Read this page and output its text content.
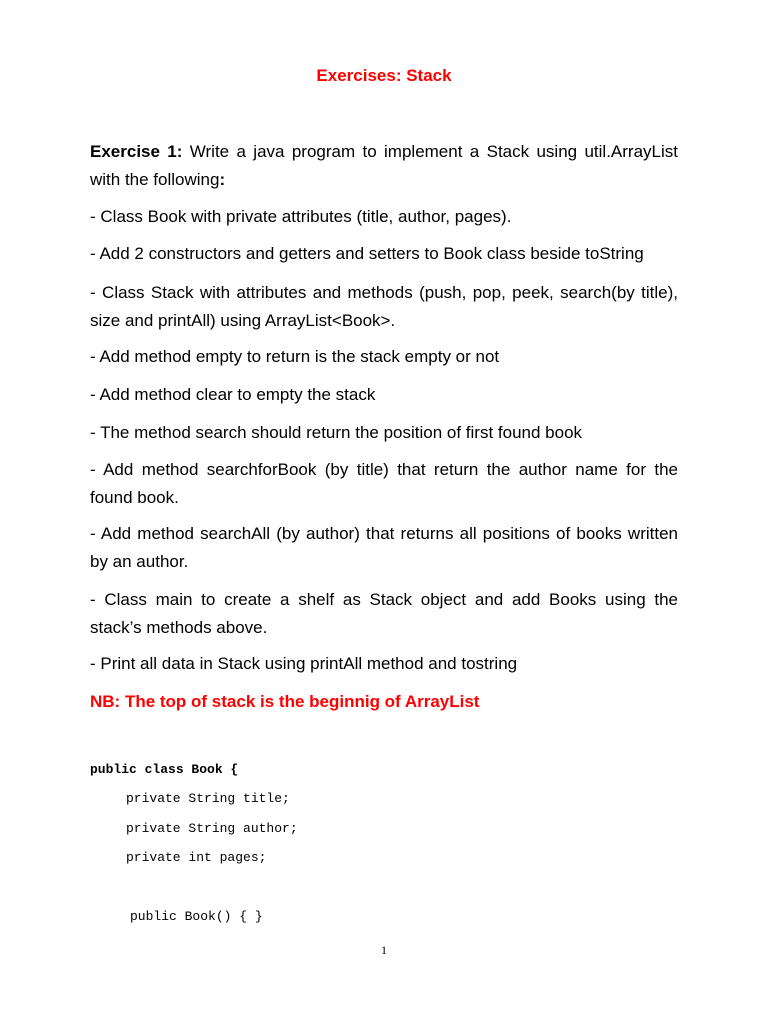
Exercises: Stack
Exercise 1: Write a java program to implement a Stack using util.ArrayList with the following:
- Class Book with private attributes (title, author, pages).
- Add 2 constructors and getters and setters to Book class beside toString
- Class Stack with attributes and methods (push, pop, peek, search(by title), size and printAll) using ArrayList<Book>.
- Add method empty to return is the stack empty or not
- Add method clear to empty the stack
- The method search should return the position of first found book
- Add method searchforBook (by title) that return the author name for the found book.
- Add method searchAll (by author) that returns all positions of books written by an author.
- Class main to create a shelf as Stack object and add Books using the stack’s methods above.
- Print all data in Stack using printAll method and tostring
NB: The top of stack is the beginnig of ArrayList
public class Book {
private String title;
private String author;
private int pages;
public Book() { }
1
